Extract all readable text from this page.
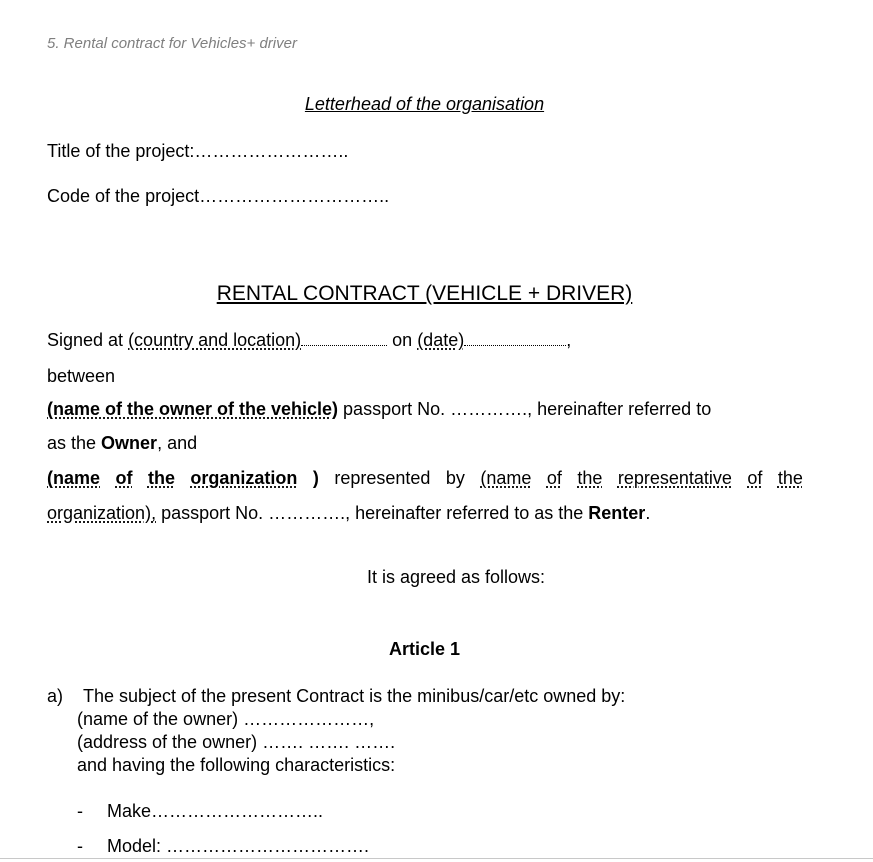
5. Rental contract for Vehicles+ driver
Letterhead of the organisation
Title of the project:……………………..
Code of the project…………………………..
RENTAL CONTRACT (VEHICLE + DRIVER)
Signed at (country and location)	on (date)	,
between
(name of the owner of the vehicle) passport No. …………., hereinafter referred to
as the Owner, and
(name of the organization ) represented by (name of the representative of the
organization), passport No. …………., hereinafter referred to as the Renter.
It is agreed as follows:
Article 1
a) The subject of the present Contract is the minibus/car/etc owned by:
(name of the owner) …………………,
(address of the owner) ……. ……. …….
and having the following characteristics:
- Make………………………..
- Model: …………………………….
